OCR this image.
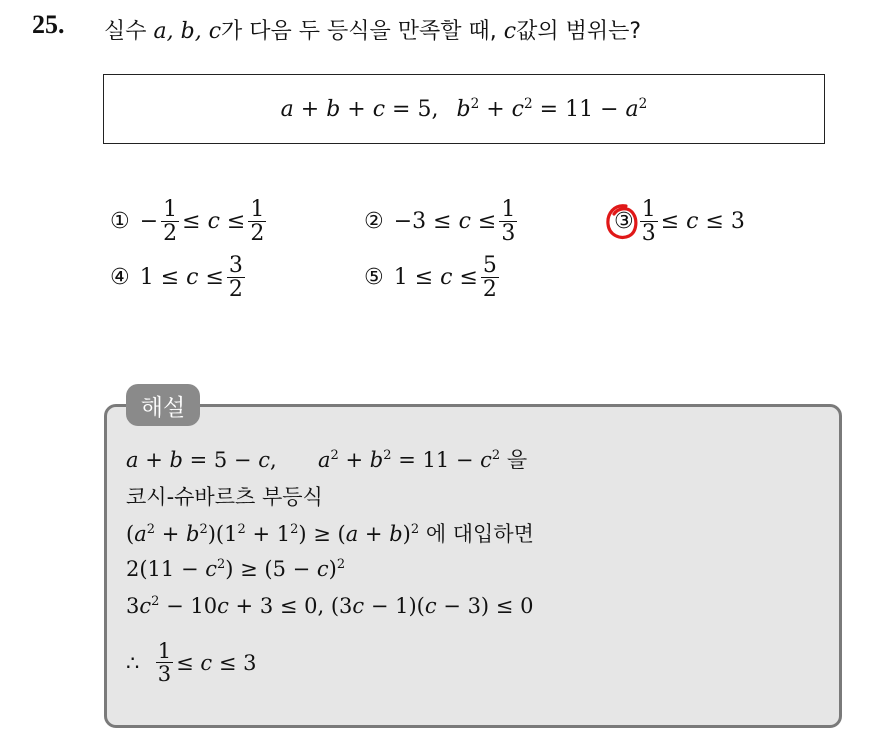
25. 실수 a, b, c가 다음 두 등식을 만족할 때, c값의 범위는?
a + b + c = 5, $b^2 + c^2 = 11 - a^2$
① − $\frac{1}{2} \le c \le \frac{1}{2}$	② $-3 \le c \le \frac{1}{3}$	③ $\frac{1}{3} \le c \le 3$
④ $1 \le c \le \frac{3}{2}$	⑤ $1 \le c \le \frac{5}{2}$
해설
a + b = 5 − c,  $a^2 + b^2 = 11 - c^2$ 을
코시-슈바르츠 부등식
$(a^2 + b^2)(1^2 + 1^2) \ge (a + b)^2$ 에 대입하면
$2(11 - c^2) \ge (5 - c)^2$
$3c^2 - 10c + 3 \le 0$, (3c − 1)(c − 3) ≤ 0
∴
$\frac{1}{3} \le c \le 3$
